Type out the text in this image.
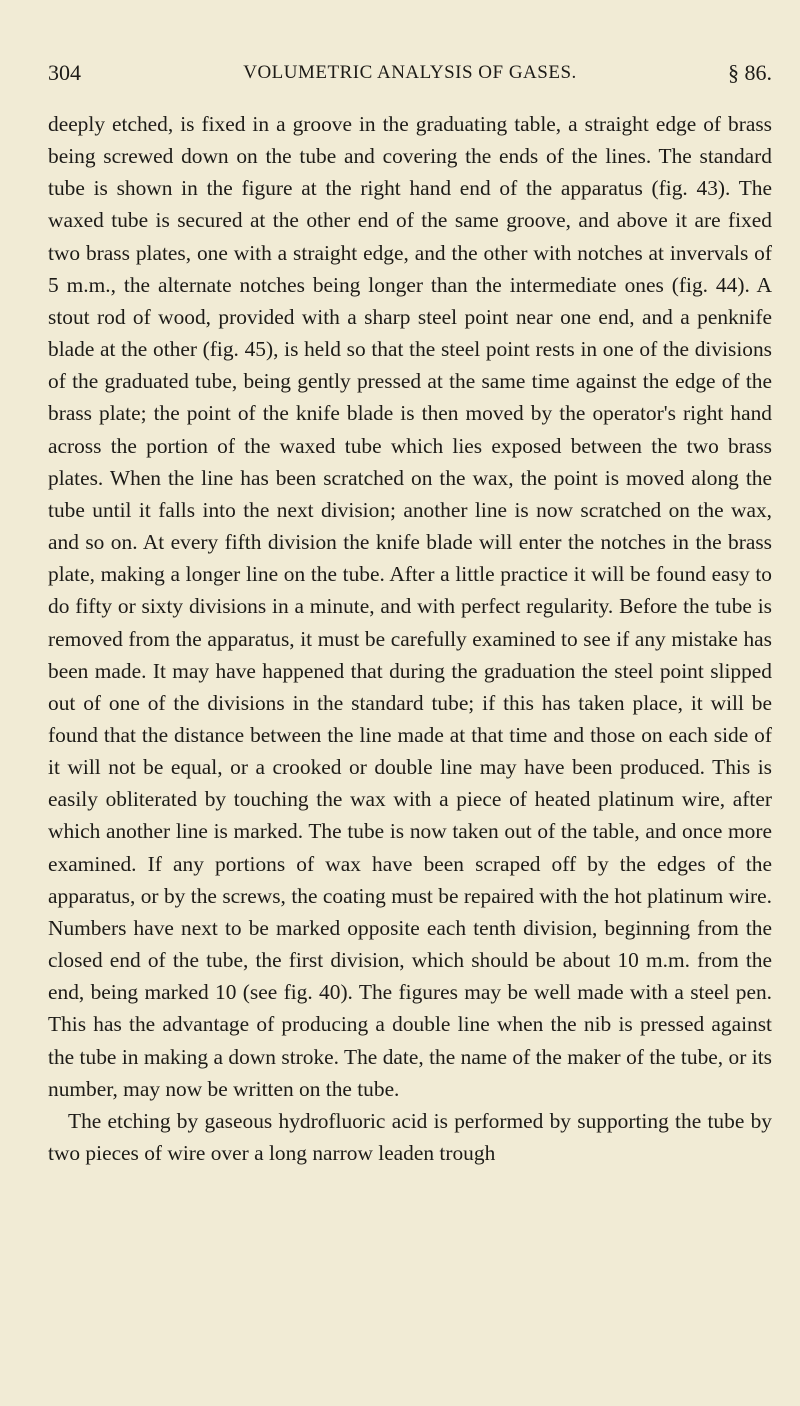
304	VOLUMETRIC ANALYSIS OF GASES.	§ 86.

deeply etched, is fixed in a groove in the graduating table, a straight edge of brass being screwed down on the tube and covering the ends of the lines. The standard tube is shown in the figure at the right hand end of the apparatus (fig. 43). The waxed tube is secured at the other end of the same groove, and above it are fixed two brass plates, one with a straight edge, and the other with notches at invervals of 5 m.m., the alternate notches being longer than the intermediate ones (fig. 44). A stout rod of wood, provided with a sharp steel point near one end, and a penknife blade at the other (fig. 45), is held so that the steel point rests in one of the divisions of the graduated tube, being gently pressed at the same time against the edge of the brass plate; the point of the knife blade is then moved by the operator's right hand across the portion of the waxed tube which lies exposed between the two brass plates. When the line has been scratched on the wax, the point is moved along the tube until it falls into the next division; another line is now scratched on the wax, and so on. At every fifth division the knife blade will enter the notches in the brass plate, making a longer line on the tube. After a little practice it will be found easy to do fifty or sixty divisions in a minute, and with perfect regularity. Before the tube is removed from the apparatus, it must be carefully examined to see if any mistake has been made. It may have happened that during the graduation the steel point slipped out of one of the divisions in the standard tube; if this has taken place, it will be found that the distance between the line made at that time and those on each side of it will not be equal, or a crooked or double line may have been produced. This is easily obliterated by touching the wax with a piece of heated platinum wire, after which another line is marked. The tube is now taken out of the table, and once more examined. If any portions of wax have been scraped off by the edges of the apparatus, or by the screws, the coating must be repaired with the hot platinum wire. Numbers have next to be marked opposite each tenth division, beginning from the closed end of the tube, the first division, which should be about 10 m.m. from the end, being marked 10 (see fig. 40). The figures may be well made with a steel pen. This has the advantage of producing a double line when the nib is pressed against the tube in making a down stroke. The date, the name of the maker of the tube, or its number, may now be written on the tube.

The etching by gaseous hydrofluoric acid is performed by supporting the tube by two pieces of wire over a long narrow leaden trough
